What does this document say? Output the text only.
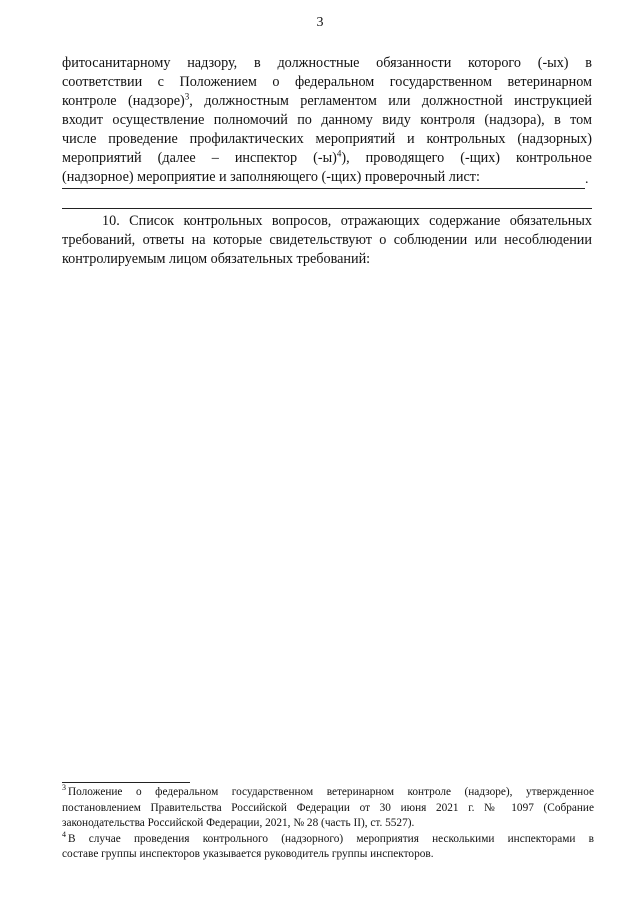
3
фитосанитарному надзору, в должностные обязанности которого (-ых) в
соответствии с Положением о федеральном государственном ветеринарном
контроле (надзоре)$^3$, должностным регламентом или должностной инструкцией
входит осуществление полномочий по данному виду контроля (надзора), в том
числе проведение профилактических мероприятий и контрольных (надзорных)
мероприятий (далее – инспектор $(-ы)^4$), проводящего (-щих) контрольное
(надзорное) мероприятие и заполняющего (-щих) проверочный лист:	.
10. Список контрольных вопросов, отражающих содержание обязательных
требований, ответы на которые свидетельствуют о соблюдении или несоблюдении
контролируемым лицом обязательных требований:
$^3$ Положение о федеральном государственном ветеринарном контроле (надзоре), утвержденное
постановлением Правительства Российской Федерации от 30 июня 2021 г. № 1097 (Собрание
законодательства Российской Федерации, 2021, № 28 (часть II), ст. 5527).
$^4$ В случае проведения контрольного (надзорного) мероприятия несколькими инспекторами в
составе группы инспекторов указывается руководитель группы инспекторов.
